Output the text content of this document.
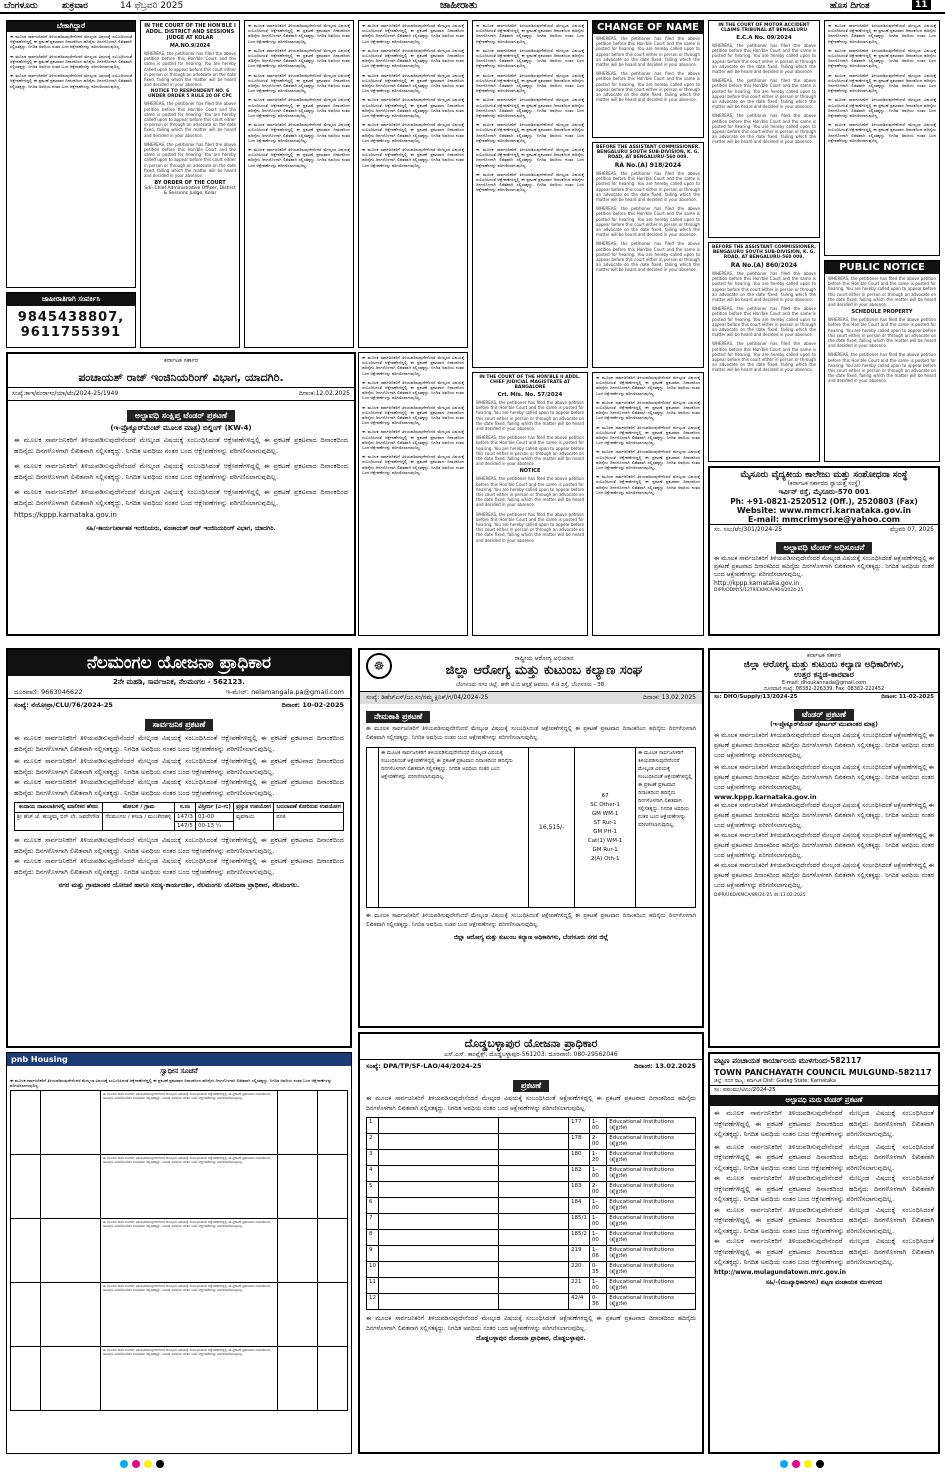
ಬೆಂಗಳೂರು	ಶುಕ್ರವಾರ	14 ಫೆಬ್ರವರಿ 2025	ಜಾಹೀರಾತು	ಹೊಸ ದಿಗಂತ	11
ಬೇಕಾಗಿದ್ದಾರೆ
ಈ ಮೂಲಕ ಸಾರ್ವಜನಿಕರಿಗೆ ತಿಳಿಯಪಡಿಸುವುದೇನೆಂದರೆ ಮೇಲ್ಕಂಡ ವಿಷಯಕ್ಕೆ ಸಂಬಂಧಿಸಿದಂತೆ ಆಕ್ಷೇಪಣೆಗಳಿದ್ದಲ್ಲಿ ಈ ಪ್ರಕಟಣೆ ಪ್ರಕಟವಾದ ದಿನಾಂಕದಿಂದ ಹದಿನೈದು ದಿನಗಳೊಳಗಾಗಿ ಲಿಖಿತವಾಗಿ ಸಲ್ಲಿಸತಕ್ಕದ್ದು. ನಿಗದಿತ ಅವಧಿಯ ನಂತರ ಬಂದ ಆಕ್ಷೇಪಣೆಗಳನ್ನು ಪರಿಗಣಿಸಲಾಗುವುದಿಲ್ಲ.
ಈ ಮೂಲಕ ಸಾರ್ವಜನಿಕರಿಗೆ ತಿಳಿಯಪಡಿಸುವುದೇನೆಂದರೆ ಮೇಲ್ಕಂಡ ವಿಷಯಕ್ಕೆ ಸಂಬಂಧಿಸಿದಂತೆ ಆಕ್ಷೇಪಣೆಗಳಿದ್ದಲ್ಲಿ ಈ ಪ್ರಕಟಣೆ ಪ್ರಕಟವಾದ ದಿನಾಂಕದಿಂದ ಹದಿನೈದು ದಿನಗಳೊಳಗಾಗಿ ಲಿಖಿತವಾಗಿ ಸಲ್ಲಿಸತಕ್ಕದ್ದು. ನಿಗದಿತ ಅವಧಿಯ ನಂತರ ಬಂದ ಆಕ್ಷೇಪಣೆಗಳನ್ನು ಪರಿಗಣಿಸಲಾಗುವುದಿಲ್ಲ.
ಈ ಮೂಲಕ ಸಾರ್ವಜನಿಕರಿಗೆ ತಿಳಿಯಪಡಿಸುವುದೇನೆಂದರೆ ಮೇಲ್ಕಂಡ ವಿಷಯಕ್ಕೆ ಸಂಬಂಧಿಸಿದಂತೆ ಆಕ್ಷೇಪಣೆಗಳಿದ್ದಲ್ಲಿ ಈ ಪ್ರಕಟಣೆ ಪ್ರಕಟವಾದ ದಿನಾಂಕದಿಂದ ಹದಿನೈದು ದಿನಗಳೊಳಗಾಗಿ ಲಿಖಿತವಾಗಿ ಸಲ್ಲಿಸತಕ್ಕದ್ದು. ನಿಗದಿತ ಅವಧಿಯ ನಂತರ ಬಂದ ಆಕ್ಷೇಪಣೆಗಳನ್ನು ಪರಿಗಣಿಸಲಾಗುವುದಿಲ್ಲ.
ಜಾಹೀರಾತಿಗಾಗಿ ಸಂಪರ್ಕಿಸಿ
9845438807,
9611755391
IN THE COURT OF THE HON'BLE I ADDL. DISTRICT AND SESSIONS JUDGE AT KOLAR
MA.NO.9/2024
WHEREAS, the petitioner has filed the above petition before this Hon'ble Court and the same is posted for hearing. You are hereby called upon to appear before this court either in person or through an advocate on the date fixed, failing which the matter will be heard and decided in your absence.
NOTICE TO RESPONDENT NO. 6 UNDER ORDER 5 RULE 20 OF CPC
WHEREAS, the petitioner has filed the above petition before this Hon'ble Court and the same is posted for hearing. You are hereby called upon to appear before this court either in person or through an advocate on the date fixed, failing which the matter will be heard and decided in your absence.
WHEREAS, the petitioner has filed the above petition before this Hon'ble Court and the same is posted for hearing. You are hereby called upon to appear before this court either in person or through an advocate on the date fixed, failing which the matter will be heard and decided in your absence.
BY ORDER OF THE COURT
Sd/- Chief Administrative Officer, District & Sessions Judge, Kolar
ಈ ಮೂಲಕ ಸಾರ್ವಜನಿಕರಿಗೆ ತಿಳಿಯಪಡಿಸುವುದೇನೆಂದರೆ ಮೇಲ್ಕಂಡ ವಿಷಯಕ್ಕೆ ಸಂಬಂಧಿಸಿದಂತೆ ಆಕ್ಷೇಪಣೆಗಳಿದ್ದಲ್ಲಿ ಈ ಪ್ರಕಟಣೆ ಪ್ರಕಟವಾದ ದಿನಾಂಕದಿಂದ ಹದಿನೈದು ದಿನಗಳೊಳಗಾಗಿ ಲಿಖಿತವಾಗಿ ಸಲ್ಲಿಸತಕ್ಕದ್ದು. ನಿಗದಿತ ಅವಧಿಯ ನಂತರ ಬಂದ ಆಕ್ಷೇಪಣೆಗಳನ್ನು ಪರಿಗಣಿಸಲಾಗುವುದಿಲ್ಲ.
ಈ ಮೂಲಕ ಸಾರ್ವಜನಿಕರಿಗೆ ತಿಳಿಯಪಡಿಸುವುದೇನೆಂದರೆ ಮೇಲ್ಕಂಡ ವಿಷಯಕ್ಕೆ ಸಂಬಂಧಿಸಿದಂತೆ ಆಕ್ಷೇಪಣೆಗಳಿದ್ದಲ್ಲಿ ಈ ಪ್ರಕಟಣೆ ಪ್ರಕಟವಾದ ದಿನಾಂಕದಿಂದ ಹದಿನೈದು ದಿನಗಳೊಳಗಾಗಿ ಲಿಖಿತವಾಗಿ ಸಲ್ಲಿಸತಕ್ಕದ್ದು. ನಿಗದಿತ ಅವಧಿಯ ನಂತರ ಬಂದ ಆಕ್ಷೇಪಣೆಗಳನ್ನು ಪರಿಗಣಿಸಲಾಗುವುದಿಲ್ಲ.
ಈ ಮೂಲಕ ಸಾರ್ವಜನಿಕರಿಗೆ ತಿಳಿಯಪಡಿಸುವುದೇನೆಂದರೆ ಮೇಲ್ಕಂಡ ವಿಷಯಕ್ಕೆ ಸಂಬಂಧಿಸಿದಂತೆ ಆಕ್ಷೇಪಣೆಗಳಿದ್ದಲ್ಲಿ ಈ ಪ್ರಕಟಣೆ ಪ್ರಕಟವಾದ ದಿನಾಂಕದಿಂದ ಹದಿನೈದು ದಿನಗಳೊಳಗಾಗಿ ಲಿಖಿತವಾಗಿ ಸಲ್ಲಿಸತಕ್ಕದ್ದು. ನಿಗದಿತ ಅವಧಿಯ ನಂತರ ಬಂದ ಆಕ್ಷೇಪಣೆಗಳನ್ನು ಪರಿಗಣಿಸಲಾಗುವುದಿಲ್ಲ.
ಈ ಮೂಲಕ ಸಾರ್ವಜನಿಕರಿಗೆ ತಿಳಿಯಪಡಿಸುವುದೇನೆಂದರೆ ಮೇಲ್ಕಂಡ ವಿಷಯಕ್ಕೆ ಸಂಬಂಧಿಸಿದಂತೆ ಆಕ್ಷೇಪಣೆಗಳಿದ್ದಲ್ಲಿ ಈ ಪ್ರಕಟಣೆ ಪ್ರಕಟವಾದ ದಿನಾಂಕದಿಂದ ಹದಿನೈದು ದಿನಗಳೊಳಗಾಗಿ ಲಿಖಿತವಾಗಿ ಸಲ್ಲಿಸತಕ್ಕದ್ದು. ನಿಗದಿತ ಅವಧಿಯ ನಂತರ ಬಂದ ಆಕ್ಷೇಪಣೆಗಳನ್ನು ಪರಿಗಣಿಸಲಾಗುವುದಿಲ್ಲ.
ಈ ಮೂಲಕ ಸಾರ್ವಜನಿಕರಿಗೆ ತಿಳಿಯಪಡಿಸುವುದೇನೆಂದರೆ ಮೇಲ್ಕಂಡ ವಿಷಯಕ್ಕೆ ಸಂಬಂಧಿಸಿದಂತೆ ಆಕ್ಷೇಪಣೆಗಳಿದ್ದಲ್ಲಿ ಈ ಪ್ರಕಟಣೆ ಪ್ರಕಟವಾದ ದಿನಾಂಕದಿಂದ ಹದಿನೈದು ದಿನಗಳೊಳಗಾಗಿ ಲಿಖಿತವಾಗಿ ಸಲ್ಲಿಸತಕ್ಕದ್ದು. ನಿಗದಿತ ಅವಧಿಯ ನಂತರ ಬಂದ ಆಕ್ಷೇಪಣೆಗಳನ್ನು ಪರಿಗಣಿಸಲಾಗುವುದಿಲ್ಲ.
ಈ ಮೂಲಕ ಸಾರ್ವಜನಿಕರಿಗೆ ತಿಳಿಯಪಡಿಸುವುದೇನೆಂದರೆ ಮೇಲ್ಕಂಡ ವಿಷಯಕ್ಕೆ ಸಂಬಂಧಿಸಿದಂತೆ ಆಕ್ಷೇಪಣೆಗಳಿದ್ದಲ್ಲಿ ಈ ಪ್ರಕಟಣೆ ಪ್ರಕಟವಾದ ದಿನಾಂಕದಿಂದ ಹದಿನೈದು ದಿನಗಳೊಳಗಾಗಿ ಲಿಖಿತವಾಗಿ ಸಲ್ಲಿಸತಕ್ಕದ್ದು. ನಿಗದಿತ ಅವಧಿಯ ನಂತರ ಬಂದ ಆಕ್ಷೇಪಣೆಗಳನ್ನು ಪರಿಗಣಿಸಲಾಗುವುದಿಲ್ಲ.
ಈ ಮೂಲಕ ಸಾರ್ವಜನಿಕರಿಗೆ ತಿಳಿಯಪಡಿಸುವುದೇನೆಂದರೆ ಮೇಲ್ಕಂಡ ವಿಷಯಕ್ಕೆ ಸಂಬಂಧಿಸಿದಂತೆ ಆಕ್ಷೇಪಣೆಗಳಿದ್ದಲ್ಲಿ ಈ ಪ್ರಕಟಣೆ ಪ್ರಕಟವಾದ ದಿನಾಂಕದಿಂದ ಹದಿನೈದು ದಿನಗಳೊಳಗಾಗಿ ಲಿಖಿತವಾಗಿ ಸಲ್ಲಿಸತಕ್ಕದ್ದು. ನಿಗದಿತ ಅವಧಿಯ ನಂತರ ಬಂದ ಆಕ್ಷೇಪಣೆಗಳನ್ನು ಪರಿಗಣಿಸಲಾಗುವುದಿಲ್ಲ.
ಈ ಮೂಲಕ ಸಾರ್ವಜನಿಕರಿಗೆ ತಿಳಿಯಪಡಿಸುವುದೇನೆಂದರೆ ಮೇಲ್ಕಂಡ ವಿಷಯಕ್ಕೆ ಸಂಬಂಧಿಸಿದಂತೆ ಆಕ್ಷೇಪಣೆಗಳಿದ್ದಲ್ಲಿ ಈ ಪ್ರಕಟಣೆ ಪ್ರಕಟವಾದ ದಿನಾಂಕದಿಂದ ಹದಿನೈದು ದಿನಗಳೊಳಗಾಗಿ ಲಿಖಿತವಾಗಿ ಸಲ್ಲಿಸತಕ್ಕದ್ದು. ನಿಗದಿತ ಅವಧಿಯ ನಂತರ ಬಂದ ಆಕ್ಷೇಪಣೆಗಳನ್ನು ಪರಿಗಣಿಸಲಾಗುವುದಿಲ್ಲ.
ಈ ಮೂಲಕ ಸಾರ್ವಜನಿಕರಿಗೆ ತಿಳಿಯಪಡಿಸುವುದೇನೆಂದರೆ ಮೇಲ್ಕಂಡ ವಿಷಯಕ್ಕೆ ಸಂಬಂಧಿಸಿದಂತೆ ಆಕ್ಷೇಪಣೆಗಳಿದ್ದಲ್ಲಿ ಈ ಪ್ರಕಟಣೆ ಪ್ರಕಟವಾದ ದಿನಾಂಕದಿಂದ ಹದಿನೈದು ದಿನಗಳೊಳಗಾಗಿ ಲಿಖಿತವಾಗಿ ಸಲ್ಲಿಸತಕ್ಕದ್ದು. ನಿಗದಿತ ಅವಧಿಯ ನಂತರ ಬಂದ ಆಕ್ಷೇಪಣೆಗಳನ್ನು ಪರಿಗಣಿಸಲಾಗುವುದಿಲ್ಲ.
ಈ ಮೂಲಕ ಸಾರ್ವಜನಿಕರಿಗೆ ತಿಳಿಯಪಡಿಸುವುದೇನೆಂದರೆ ಮೇಲ್ಕಂಡ ವಿಷಯಕ್ಕೆ ಸಂಬಂಧಿಸಿದಂತೆ ಆಕ್ಷೇಪಣೆಗಳಿದ್ದಲ್ಲಿ ಈ ಪ್ರಕಟಣೆ ಪ್ರಕಟವಾದ ದಿನಾಂಕದಿಂದ ಹದಿನೈದು ದಿನಗಳೊಳಗಾಗಿ ಲಿಖಿತವಾಗಿ ಸಲ್ಲಿಸತಕ್ಕದ್ದು. ನಿಗದಿತ ಅವಧಿಯ ನಂತರ ಬಂದ ಆಕ್ಷೇಪಣೆಗಳನ್ನು ಪರಿಗಣಿಸಲಾಗುವುದಿಲ್ಲ.
ಈ ಮೂಲಕ ಸಾರ್ವಜನಿಕರಿಗೆ ತಿಳಿಯಪಡಿಸುವುದೇನೆಂದರೆ ಮೇಲ್ಕಂಡ ವಿಷಯಕ್ಕೆ ಸಂಬಂಧಿಸಿದಂತೆ ಆಕ್ಷೇಪಣೆಗಳಿದ್ದಲ್ಲಿ ಈ ಪ್ರಕಟಣೆ ಪ್ರಕಟವಾದ ದಿನಾಂಕದಿಂದ ಹದಿನೈದು ದಿನಗಳೊಳಗಾಗಿ ಲಿಖಿತವಾಗಿ ಸಲ್ಲಿಸತಕ್ಕದ್ದು. ನಿಗದಿತ ಅವಧಿಯ ನಂತರ ಬಂದ ಆಕ್ಷೇಪಣೆಗಳನ್ನು ಪರಿಗಣಿಸಲಾಗುವುದಿಲ್ಲ.
ಈ ಮೂಲಕ ಸಾರ್ವಜನಿಕರಿಗೆ ತಿಳಿಯಪಡಿಸುವುದೇನೆಂದರೆ ಮೇಲ್ಕಂಡ ವಿಷಯಕ್ಕೆ ಸಂಬಂಧಿಸಿದಂತೆ ಆಕ್ಷೇಪಣೆಗಳಿದ್ದಲ್ಲಿ ಈ ಪ್ರಕಟಣೆ ಪ್ರಕಟವಾದ ದಿನಾಂಕದಿಂದ ಹದಿನೈದು ದಿನಗಳೊಳಗಾಗಿ ಲಿಖಿತವಾಗಿ ಸಲ್ಲಿಸತಕ್ಕದ್ದು. ನಿಗದಿತ ಅವಧಿಯ ನಂತರ ಬಂದ ಆಕ್ಷೇಪಣೆಗಳನ್ನು ಪರಿಗಣಿಸಲಾಗುವುದಿಲ್ಲ.
ಈ ಮೂಲಕ ಸಾರ್ವಜನಿಕರಿಗೆ ತಿಳಿಯಪಡಿಸುವುದೇನೆಂದರೆ ಮೇಲ್ಕಂಡ ವಿಷಯಕ್ಕೆ ಸಂಬಂಧಿಸಿದಂತೆ ಆಕ್ಷೇಪಣೆಗಳಿದ್ದಲ್ಲಿ ಈ ಪ್ರಕಟಣೆ ಪ್ರಕಟವಾದ ದಿನಾಂಕದಿಂದ ಹದಿನೈದು ದಿನಗಳೊಳಗಾಗಿ ಲಿಖಿತವಾಗಿ ಸಲ್ಲಿಸತಕ್ಕದ್ದು. ನಿಗದಿತ ಅವಧಿಯ ನಂತರ ಬಂದ ಆಕ್ಷೇಪಣೆಗಳನ್ನು ಪರಿಗಣಿಸಲಾಗುವುದಿಲ್ಲ.
ಈ ಮೂಲಕ ಸಾರ್ವಜನಿಕರಿಗೆ ತಿಳಿಯಪಡಿಸುವುದೇನೆಂದರೆ ಮೇಲ್ಕಂಡ ವಿಷಯಕ್ಕೆ ಸಂಬಂಧಿಸಿದಂತೆ ಆಕ್ಷೇಪಣೆಗಳಿದ್ದಲ್ಲಿ ಈ ಪ್ರಕಟಣೆ ಪ್ರಕಟವಾದ ದಿನಾಂಕದಿಂದ ಹದಿನೈದು ದಿನಗಳೊಳಗಾಗಿ ಲಿಖಿತವಾಗಿ ಸಲ್ಲಿಸತಕ್ಕದ್ದು. ನಿಗದಿತ ಅವಧಿಯ ನಂತರ ಬಂದ ಆಕ್ಷೇಪಣೆಗಳನ್ನು ಪರಿಗಣಿಸಲಾಗುವುದಿಲ್ಲ.
ಈ ಮೂಲಕ ಸಾರ್ವಜನಿಕರಿಗೆ ತಿಳಿಯಪಡಿಸುವುದೇನೆಂದರೆ ಮೇಲ್ಕಂಡ ವಿಷಯಕ್ಕೆ ಸಂಬಂಧಿಸಿದಂತೆ ಆಕ್ಷೇಪಣೆಗಳಿದ್ದಲ್ಲಿ ಈ ಪ್ರಕಟಣೆ ಪ್ರಕಟವಾದ ದಿನಾಂಕದಿಂದ ಹದಿನೈದು ದಿನಗಳೊಳಗಾಗಿ ಲಿಖಿತವಾಗಿ ಸಲ್ಲಿಸತಕ್ಕದ್ದು. ನಿಗದಿತ ಅವಧಿಯ ನಂತರ ಬಂದ ಆಕ್ಷೇಪಣೆಗಳನ್ನು ಪರಿಗಣಿಸಲಾಗುವುದಿಲ್ಲ.
ಈ ಮೂಲಕ ಸಾರ್ವಜನಿಕರಿಗೆ ತಿಳಿಯಪಡಿಸುವುದೇನೆಂದರೆ ಮೇಲ್ಕಂಡ ವಿಷಯಕ್ಕೆ ಸಂಬಂಧಿಸಿದಂತೆ ಆಕ್ಷೇಪಣೆಗಳಿದ್ದಲ್ಲಿ ಈ ಪ್ರಕಟಣೆ ಪ್ರಕಟವಾದ ದಿನಾಂಕದಿಂದ ಹದಿನೈದು ದಿನಗಳೊಳಗಾಗಿ ಲಿಖಿತವಾಗಿ ಸಲ್ಲಿಸತಕ್ಕದ್ದು. ನಿಗದಿತ ಅವಧಿಯ ನಂತರ ಬಂದ ಆಕ್ಷೇಪಣೆಗಳನ್ನು ಪರಿಗಣಿಸಲಾಗುವುದಿಲ್ಲ.
ಈ ಮೂಲಕ ಸಾರ್ವಜನಿಕರಿಗೆ ತಿಳಿಯಪಡಿಸುವುದೇನೆಂದರೆ ಮೇಲ್ಕಂಡ ವಿಷಯಕ್ಕೆ ಸಂಬಂಧಿಸಿದಂತೆ ಆಕ್ಷೇಪಣೆಗಳಿದ್ದಲ್ಲಿ ಈ ಪ್ರಕಟಣೆ ಪ್ರಕಟವಾದ ದಿನಾಂಕದಿಂದ ಹದಿನೈದು ದಿನಗಳೊಳಗಾಗಿ ಲಿಖಿತವಾಗಿ ಸಲ್ಲಿಸತಕ್ಕದ್ದು. ನಿಗದಿತ ಅವಧಿಯ ನಂತರ ಬಂದ ಆಕ್ಷೇಪಣೆಗಳನ್ನು ಪರಿಗಣಿಸಲಾಗುವುದಿಲ್ಲ.
ಈ ಮೂಲಕ ಸಾರ್ವಜನಿಕರಿಗೆ ತಿಳಿಯಪಡಿಸುವುದೇನೆಂದರೆ ಮೇಲ್ಕಂಡ ವಿಷಯಕ್ಕೆ ಸಂಬಂಧಿಸಿದಂತೆ ಆಕ್ಷೇಪಣೆಗಳಿದ್ದಲ್ಲಿ ಈ ಪ್ರಕಟಣೆ ಪ್ರಕಟವಾದ ದಿನಾಂಕದಿಂದ ಹದಿನೈದು ದಿನಗಳೊಳಗಾಗಿ ಲಿಖಿತವಾಗಿ ಸಲ್ಲಿಸತಕ್ಕದ್ದು. ನಿಗದಿತ ಅವಧಿಯ ನಂತರ ಬಂದ ಆಕ್ಷೇಪಣೆಗಳನ್ನು ಪರಿಗಣಿಸಲಾಗುವುದಿಲ್ಲ.
ಈ ಮೂಲಕ ಸಾರ್ವಜನಿಕರಿಗೆ ತಿಳಿಯಪಡಿಸುವುದೇನೆಂದರೆ ಮೇಲ್ಕಂಡ ವಿಷಯಕ್ಕೆ ಸಂಬಂಧಿಸಿದಂತೆ ಆಕ್ಷೇಪಣೆಗಳಿದ್ದಲ್ಲಿ ಈ ಪ್ರಕಟಣೆ ಪ್ರಕಟವಾದ ದಿನಾಂಕದಿಂದ ಹದಿನೈದು ದಿನಗಳೊಳಗಾಗಿ ಲಿಖಿತವಾಗಿ ಸಲ್ಲಿಸತಕ್ಕದ್ದು. ನಿಗದಿತ ಅವಧಿಯ ನಂತರ ಬಂದ ಆಕ್ಷೇಪಣೆಗಳನ್ನು ಪರಿಗಣಿಸಲಾಗುವುದಿಲ್ಲ.
CHANGE OF NAME
WHEREAS, the petitioner has filed the above petition before this Hon'ble Court and the same is posted for hearing. You are hereby called upon to appear before this court either in person or through an advocate on the date fixed, failing which the matter will be heard and decided in your absence.
WHEREAS, the petitioner has filed the above petition before this Hon'ble Court and the same is posted for hearing. You are hereby called upon to appear before this court either in person or through an advocate on the date fixed, failing which the matter will be heard and decided in your absence.
BEFORE THE ASSISTANT COMMISSIONER, BENGALURU SOUTH SUB-DIVISION, K. G. ROAD, AT BENGALURU-560 009.
RA No.(A) 918/2024
WHEREAS, the petitioner has filed the above petition before this Hon'ble Court and the same is posted for hearing. You are hereby called upon to appear before this court either in person or through an advocate on the date fixed, failing which the matter will be heard and decided in your absence.
WHEREAS, the petitioner has filed the above petition before this Hon'ble Court and the same is posted for hearing. You are hereby called upon to appear before this court either in person or through an advocate on the date fixed, failing which the matter will be heard and decided in your absence.
WHEREAS, the petitioner has filed the above petition before this Hon'ble Court and the same is posted for hearing. You are hereby called upon to appear before this court either in person or through an advocate on the date fixed, failing which the matter will be heard and decided in your absence.
IN THE COURT OF MOTOR ACCIDENT CLAIMS TRIBUNAL AT BENGALURU
E.C.A No. 09/2024
WHEREAS, the petitioner has filed the above petition before this Hon'ble Court and the same is posted for hearing. You are hereby called upon to appear before this court either in person or through an advocate on the date fixed, failing which the matter will be heard and decided in your absence.
WHEREAS, the petitioner has filed the above petition before this Hon'ble Court and the same is posted for hearing. You are hereby called upon to appear before this court either in person or through an advocate on the date fixed, failing which the matter will be heard and decided in your absence.
WHEREAS, the petitioner has filed the above petition before this Hon'ble Court and the same is posted for hearing. You are hereby called upon to appear before this court either in person or through an advocate on the date fixed, failing which the matter will be heard and decided in your absence.
BEFORE THE ASSISTANT COMMISSIONER, BENGALURU SOUTH SUB-DIVISION, K. G. ROAD, AT BENGALURU-560 009.
RA No.(A) 860/2024
WHEREAS, the petitioner has filed the above petition before this Hon'ble Court and the same is posted for hearing. You are hereby called upon to appear before this court either in person or through an advocate on the date fixed, failing which the matter will be heard and decided in your absence.
WHEREAS, the petitioner has filed the above petition before this Hon'ble Court and the same is posted for hearing. You are hereby called upon to appear before this court either in person or through an advocate on the date fixed, failing which the matter will be heard and decided in your absence.
WHEREAS, the petitioner has filed the above petition before this Hon'ble Court and the same is posted for hearing. You are hereby called upon to appear before this court either in person or through an advocate on the date fixed, failing which the matter will be heard and decided in your absence.
ಈ ಮೂಲಕ ಸಾರ್ವಜನಿಕರಿಗೆ ತಿಳಿಯಪಡಿಸುವುದೇನೆಂದರೆ ಮೇಲ್ಕಂಡ ವಿಷಯಕ್ಕೆ ಸಂಬಂಧಿಸಿದಂತೆ ಆಕ್ಷೇಪಣೆಗಳಿದ್ದಲ್ಲಿ ಈ ಪ್ರಕಟಣೆ ಪ್ರಕಟವಾದ ದಿನಾಂಕದಿಂದ ಹದಿನೈದು ದಿನಗಳೊಳಗಾಗಿ ಲಿಖಿತವಾಗಿ ಸಲ್ಲಿಸತಕ್ಕದ್ದು. ನಿಗದಿತ ಅವಧಿಯ ನಂತರ ಬಂದ ಆಕ್ಷೇಪಣೆಗಳನ್ನು ಪರಿಗಣಿಸಲಾಗುವುದಿಲ್ಲ.
ಈ ಮೂಲಕ ಸಾರ್ವಜನಿಕರಿಗೆ ತಿಳಿಯಪಡಿಸುವುದೇನೆಂದರೆ ಮೇಲ್ಕಂಡ ವಿಷಯಕ್ಕೆ ಸಂಬಂಧಿಸಿದಂತೆ ಆಕ್ಷೇಪಣೆಗಳಿದ್ದಲ್ಲಿ ಈ ಪ್ರಕಟಣೆ ಪ್ರಕಟವಾದ ದಿನಾಂಕದಿಂದ ಹದಿನೈದು ದಿನಗಳೊಳಗಾಗಿ ಲಿಖಿತವಾಗಿ ಸಲ್ಲಿಸತಕ್ಕದ್ದು. ನಿಗದಿತ ಅವಧಿಯ ನಂತರ ಬಂದ ಆಕ್ಷೇಪಣೆಗಳನ್ನು ಪರಿಗಣಿಸಲಾಗುವುದಿಲ್ಲ.
ಈ ಮೂಲಕ ಸಾರ್ವಜನಿಕರಿಗೆ ತಿಳಿಯಪಡಿಸುವುದೇನೆಂದರೆ ಮೇಲ್ಕಂಡ ವಿಷಯಕ್ಕೆ ಸಂಬಂಧಿಸಿದಂತೆ ಆಕ್ಷೇಪಣೆಗಳಿದ್ದಲ್ಲಿ ಈ ಪ್ರಕಟಣೆ ಪ್ರಕಟವಾದ ದಿನಾಂಕದಿಂದ ಹದಿನೈದು ದಿನಗಳೊಳಗಾಗಿ ಲಿಖಿತವಾಗಿ ಸಲ್ಲಿಸತಕ್ಕದ್ದು. ನಿಗದಿತ ಅವಧಿಯ ನಂತರ ಬಂದ ಆಕ್ಷೇಪಣೆಗಳನ್ನು ಪರಿಗಣಿಸಲಾಗುವುದಿಲ್ಲ.
ಈ ಮೂಲಕ ಸಾರ್ವಜನಿಕರಿಗೆ ತಿಳಿಯಪಡಿಸುವುದೇನೆಂದರೆ ಮೇಲ್ಕಂಡ ವಿಷಯಕ್ಕೆ ಸಂಬಂಧಿಸಿದಂತೆ ಆಕ್ಷೇಪಣೆಗಳಿದ್ದಲ್ಲಿ ಈ ಪ್ರಕಟಣೆ ಪ್ರಕಟವಾದ ದಿನಾಂಕದಿಂದ ಹದಿನೈದು ದಿನಗಳೊಳಗಾಗಿ ಲಿಖಿತವಾಗಿ ಸಲ್ಲಿಸತಕ್ಕದ್ದು. ನಿಗದಿತ ಅವಧಿಯ ನಂತರ ಬಂದ ಆಕ್ಷೇಪಣೆಗಳನ್ನು ಪರಿಗಣಿಸಲಾಗುವುದಿಲ್ಲ.
ಈ ಮೂಲಕ ಸಾರ್ವಜನಿಕರಿಗೆ ತಿಳಿಯಪಡಿಸುವುದೇನೆಂದರೆ ಮೇಲ್ಕಂಡ ವಿಷಯಕ್ಕೆ ಸಂಬಂಧಿಸಿದಂತೆ ಆಕ್ಷೇಪಣೆಗಳಿದ್ದಲ್ಲಿ ಈ ಪ್ರಕಟಣೆ ಪ್ರಕಟವಾದ ದಿನಾಂಕದಿಂದ ಹದಿನೈದು ದಿನಗಳೊಳಗಾಗಿ ಲಿಖಿತವಾಗಿ ಸಲ್ಲಿಸತಕ್ಕದ್ದು. ನಿಗದಿತ ಅವಧಿಯ ನಂತರ ಬಂದ ಆಕ್ಷೇಪಣೆಗಳನ್ನು ಪರಿಗಣಿಸಲಾಗುವುದಿಲ್ಲ.
PUBLIC NOTICE
WHEREAS, the petitioner has filed the above petition before this Hon'ble Court and the same is posted for hearing. You are hereby called upon to appear before this court either in person or through an advocate on the date fixed, failing which the matter will be heard and decided in your absence.
SCHEDULE PROPERTY
WHEREAS, the petitioner has filed the above petition before this Hon'ble Court and the same is posted for hearing. You are hereby called upon to appear before this court either in person or through an advocate on the date fixed, failing which the matter will be heard and decided in your absence.
WHEREAS, the petitioner has filed the above petition before this Hon'ble Court and the same is posted for hearing. You are hereby called upon to appear before this court either in person or through an advocate on the date fixed, failing which the matter will be heard and decided in your absence.
ಕರ್ನಾಟಕ ಸರ್ಕಾರ
ಪಂಚಾಯತ್ ರಾಜ್ ಇಂಜಿನಿಯರಿಂಗ್ ವಿಭಾಗ, ಯಾದಗಿರಿ.
ಸಂಖ್ಯೆ:ಕಾಇ/ಪಂರಾಇಂ/ಯಾ/ಟೆಂ/2024-25/1949	ದಿನಾಂಕ:12.02.2025
ಅಲ್ಪಾವಧಿ ಸಂಕ್ಷಿಪ್ತ ಟೆಂಡರ್ ಪ್ರಕಟಣೆ
(ಇ-ಪ್ರೊಕ್ಯೂರ್‌ಮೆಂಟ್ ಮೂಲಕ ಮಾತ್ರ) ಬಿಲ್ಡಿಂಗ್ (KW-4)
ಈ ಮೂಲಕ ಸಾರ್ವಜನಿಕರಿಗೆ ತಿಳಿಯಪಡಿಸುವುದೇನೆಂದರೆ ಮೇಲ್ಕಂಡ ವಿಷಯಕ್ಕೆ ಸಂಬಂಧಿಸಿದಂತೆ ಆಕ್ಷೇಪಣೆಗಳಿದ್ದಲ್ಲಿ ಈ ಪ್ರಕಟಣೆ ಪ್ರಕಟವಾದ ದಿನಾಂಕದಿಂದ ಹದಿನೈದು ದಿನಗಳೊಳಗಾಗಿ ಲಿಖಿತವಾಗಿ ಸಲ್ಲಿಸತಕ್ಕದ್ದು. ನಿಗದಿತ ಅವಧಿಯ ನಂತರ ಬಂದ ಆಕ್ಷೇಪಣೆಗಳನ್ನು ಪರಿಗಣಿಸಲಾಗುವುದಿಲ್ಲ.
ಈ ಮೂಲಕ ಸಾರ್ವಜನಿಕರಿಗೆ ತಿಳಿಯಪಡಿಸುವುದೇನೆಂದರೆ ಮೇಲ್ಕಂಡ ವಿಷಯಕ್ಕೆ ಸಂಬಂಧಿಸಿದಂತೆ ಆಕ್ಷೇಪಣೆಗಳಿದ್ದಲ್ಲಿ ಈ ಪ್ರಕಟಣೆ ಪ್ರಕಟವಾದ ದಿನಾಂಕದಿಂದ ಹದಿನೈದು ದಿನಗಳೊಳಗಾಗಿ ಲಿಖಿತವಾಗಿ ಸಲ್ಲಿಸತಕ್ಕದ್ದು. ನಿಗದಿತ ಅವಧಿಯ ನಂತರ ಬಂದ ಆಕ್ಷೇಪಣೆಗಳನ್ನು ಪರಿಗಣಿಸಲಾಗುವುದಿಲ್ಲ.
ಈ ಮೂಲಕ ಸಾರ್ವಜನಿಕರಿಗೆ ತಿಳಿಯಪಡಿಸುವುದೇನೆಂದರೆ ಮೇಲ್ಕಂಡ ವಿಷಯಕ್ಕೆ ಸಂಬಂಧಿಸಿದಂತೆ ಆಕ್ಷೇಪಣೆಗಳಿದ್ದಲ್ಲಿ ಈ ಪ್ರಕಟಣೆ ಪ್ರಕಟವಾದ ದಿನಾಂಕದಿಂದ ಹದಿನೈದು ದಿನಗಳೊಳಗಾಗಿ ಲಿಖಿತವಾಗಿ ಸಲ್ಲಿಸತಕ್ಕದ್ದು. ನಿಗದಿತ ಅವಧಿಯ ನಂತರ ಬಂದ ಆಕ್ಷೇಪಣೆಗಳನ್ನು ಪರಿಗಣಿಸಲಾಗುವುದಿಲ್ಲ.
https://kppp.karnataka.gov.in
ಸಹಿ/-ಕಾರ್ಯನಿರ್ವಾಹಕ ಇಂಜಿನಿಯರು, ಪಂಚಾಯತ್ ರಾಜ್ ಇಂಜಿನಿಯರಿಂಗ್ ವಿಭಾಗ, ಯಾದಗಿರಿ.
IN THE COURT OF THE HON'BLE II ADDL. CHIEF JUDICIAL MAGISTRATE AT BANGALORE
Crl. Mis. No. 57/2024
WHEREAS, the petitioner has filed the above petition before this Hon'ble Court and the same is posted for hearing. You are hereby called upon to appear before this court either in person or through an advocate on the date fixed, failing which the matter will be heard and decided in your absence.
WHEREAS, the petitioner has filed the above petition before this Hon'ble Court and the same is posted for hearing. You are hereby called upon to appear before this court either in person or through an advocate on the date fixed, failing which the matter will be heard and decided in your absence.
NOTICE
WHEREAS, the petitioner has filed the above petition before this Hon'ble Court and the same is posted for hearing. You are hereby called upon to appear before this court either in person or through an advocate on the date fixed, failing which the matter will be heard and decided in your absence.
WHEREAS, the petitioner has filed the above petition before this Hon'ble Court and the same is posted for hearing. You are hereby called upon to appear before this court either in person or through an advocate on the date fixed, failing which the matter will be heard and decided in your absence.
ಈ ಮೂಲಕ ಸಾರ್ವಜನಿಕರಿಗೆ ತಿಳಿಯಪಡಿಸುವುದೇನೆಂದರೆ ಮೇಲ್ಕಂಡ ವಿಷಯಕ್ಕೆ ಸಂಬಂಧಿಸಿದಂತೆ ಆಕ್ಷೇಪಣೆಗಳಿದ್ದಲ್ಲಿ ಈ ಪ್ರಕಟಣೆ ಪ್ರಕಟವಾದ ದಿನಾಂಕದಿಂದ ಹದಿನೈದು ದಿನಗಳೊಳಗಾಗಿ ಲಿಖಿತವಾಗಿ ಸಲ್ಲಿಸತಕ್ಕದ್ದು. ನಿಗದಿತ ಅವಧಿಯ ನಂತರ ಬಂದ ಆಕ್ಷೇಪಣೆಗಳನ್ನು ಪರಿಗಣಿಸಲಾಗುವುದಿಲ್ಲ.
ಈ ಮೂಲಕ ಸಾರ್ವಜನಿಕರಿಗೆ ತಿಳಿಯಪಡಿಸುವುದೇನೆಂದರೆ ಮೇಲ್ಕಂಡ ವಿಷಯಕ್ಕೆ ಸಂಬಂಧಿಸಿದಂತೆ ಆಕ್ಷೇಪಣೆಗಳಿದ್ದಲ್ಲಿ ಈ ಪ್ರಕಟಣೆ ಪ್ರಕಟವಾದ ದಿನಾಂಕದಿಂದ ಹದಿನೈದು ದಿನಗಳೊಳಗಾಗಿ ಲಿಖಿತವಾಗಿ ಸಲ್ಲಿಸತಕ್ಕದ್ದು. ನಿಗದಿತ ಅವಧಿಯ ನಂತರ ಬಂದ ಆಕ್ಷೇಪಣೆಗಳನ್ನು ಪರಿಗಣಿಸಲಾಗುವುದಿಲ್ಲ.
ಈ ಮೂಲಕ ಸಾರ್ವಜನಿಕರಿಗೆ ತಿಳಿಯಪಡಿಸುವುದೇನೆಂದರೆ ಮೇಲ್ಕಂಡ ವಿಷಯಕ್ಕೆ ಸಂಬಂಧಿಸಿದಂತೆ ಆಕ್ಷೇಪಣೆಗಳಿದ್ದಲ್ಲಿ ಈ ಪ್ರಕಟಣೆ ಪ್ರಕಟವಾದ ದಿನಾಂಕದಿಂದ ಹದಿನೈದು ದಿನಗಳೊಳಗಾಗಿ ಲಿಖಿತವಾಗಿ ಸಲ್ಲಿಸತಕ್ಕದ್ದು. ನಿಗದಿತ ಅವಧಿಯ ನಂತರ ಬಂದ ಆಕ್ಷೇಪಣೆಗಳನ್ನು ಪರಿಗಣಿಸಲಾಗುವುದಿಲ್ಲ.
ಈ ಮೂಲಕ ಸಾರ್ವಜನಿಕರಿಗೆ ತಿಳಿಯಪಡಿಸುವುದೇನೆಂದರೆ ಮೇಲ್ಕಂಡ ವಿಷಯಕ್ಕೆ ಸಂಬಂಧಿಸಿದಂತೆ ಆಕ್ಷೇಪಣೆಗಳಿದ್ದಲ್ಲಿ ಈ ಪ್ರಕಟಣೆ ಪ್ರಕಟವಾದ ದಿನಾಂಕದಿಂದ ಹದಿನೈದು ದಿನಗಳೊಳಗಾಗಿ ಲಿಖಿತವಾಗಿ ಸಲ್ಲಿಸತಕ್ಕದ್ದು. ನಿಗದಿತ ಅವಧಿಯ ನಂತರ ಬಂದ ಆಕ್ಷೇಪಣೆಗಳನ್ನು ಪರಿಗಣಿಸಲಾಗುವುದಿಲ್ಲ.
ಈ ಮೂಲಕ ಸಾರ್ವಜನಿಕರಿಗೆ ತಿಳಿಯಪಡಿಸುವುದೇನೆಂದರೆ ಮೇಲ್ಕಂಡ ವಿಷಯಕ್ಕೆ ಸಂಬಂಧಿಸಿದಂತೆ ಆಕ್ಷೇಪಣೆಗಳಿದ್ದಲ್ಲಿ ಈ ಪ್ರಕಟಣೆ ಪ್ರಕಟವಾದ ದಿನಾಂಕದಿಂದ ಹದಿನೈದು ದಿನಗಳೊಳಗಾಗಿ ಲಿಖಿತವಾಗಿ ಸಲ್ಲಿಸತಕ್ಕದ್ದು. ನಿಗದಿತ ಅವಧಿಯ ನಂತರ ಬಂದ ಆಕ್ಷೇಪಣೆಗಳನ್ನು ಪರಿಗಣಿಸಲಾಗುವುದಿಲ್ಲ.
ಈ ಮೂಲಕ ಸಾರ್ವಜನಿಕರಿಗೆ ತಿಳಿಯಪಡಿಸುವುದೇನೆಂದರೆ ಮೇಲ್ಕಂಡ ವಿಷಯಕ್ಕೆ ಸಂಬಂಧಿಸಿದಂತೆ ಆಕ್ಷೇಪಣೆಗಳಿದ್ದಲ್ಲಿ ಈ ಪ್ರಕಟಣೆ ಪ್ರಕಟವಾದ ದಿನಾಂಕದಿಂದ ಹದಿನೈದು ದಿನಗಳೊಳಗಾಗಿ ಲಿಖಿತವಾಗಿ ಸಲ್ಲಿಸತಕ್ಕದ್ದು. ನಿಗದಿತ ಅವಧಿಯ ನಂತರ ಬಂದ ಆಕ್ಷೇಪಣೆಗಳನ್ನು ಪರಿಗಣಿಸಲಾಗುವುದಿಲ್ಲ.
ಈ ಮೂಲಕ ಸಾರ್ವಜನಿಕರಿಗೆ ತಿಳಿಯಪಡಿಸುವುದೇನೆಂದರೆ ಮೇಲ್ಕಂಡ ವಿಷಯಕ್ಕೆ ಸಂಬಂಧಿಸಿದಂತೆ ಆಕ್ಷೇಪಣೆಗಳಿದ್ದಲ್ಲಿ ಈ ಪ್ರಕಟಣೆ ಪ್ರಕಟವಾದ ದಿನಾಂಕದಿಂದ ಹದಿನೈದು ದಿನಗಳೊಳಗಾಗಿ ಲಿಖಿತವಾಗಿ ಸಲ್ಲಿಸತಕ್ಕದ್ದು. ನಿಗದಿತ ಅವಧಿಯ ನಂತರ ಬಂದ ಆಕ್ಷೇಪಣೆಗಳನ್ನು ಪರಿಗಣಿಸಲಾಗುವುದಿಲ್ಲ.
ಈ ಮೂಲಕ ಸಾರ್ವಜನಿಕರಿಗೆ ತಿಳಿಯಪಡಿಸುವುದೇನೆಂದರೆ ಮೇಲ್ಕಂಡ ವಿಷಯಕ್ಕೆ ಸಂಬಂಧಿಸಿದಂತೆ ಆಕ್ಷೇಪಣೆಗಳಿದ್ದಲ್ಲಿ ಈ ಪ್ರಕಟಣೆ ಪ್ರಕಟವಾದ ದಿನಾಂಕದಿಂದ ಹದಿನೈದು ದಿನಗಳೊಳಗಾಗಿ ಲಿಖಿತವಾಗಿ ಸಲ್ಲಿಸತಕ್ಕದ್ದು. ನಿಗದಿತ ಅವಧಿಯ ನಂತರ ಬಂದ ಆಕ್ಷೇಪಣೆಗಳನ್ನು ಪರಿಗಣಿಸಲಾಗುವುದಿಲ್ಲ.
ಈ ಮೂಲಕ ಸಾರ್ವಜನಿಕರಿಗೆ ತಿಳಿಯಪಡಿಸುವುದೇನೆಂದರೆ ಮೇಲ್ಕಂಡ ವಿಷಯಕ್ಕೆ ಸಂಬಂಧಿಸಿದಂತೆ ಆಕ್ಷೇಪಣೆಗಳಿದ್ದಲ್ಲಿ ಈ ಪ್ರಕಟಣೆ ಪ್ರಕಟವಾದ ದಿನಾಂಕದಿಂದ ಹದಿನೈದು ದಿನಗಳೊಳಗಾಗಿ ಲಿಖಿತವಾಗಿ ಸಲ್ಲಿಸತಕ್ಕದ್ದು. ನಿಗದಿತ ಅವಧಿಯ ನಂತರ ಬಂದ ಆಕ್ಷೇಪಣೆಗಳನ್ನು ಪರಿಗಣಿಸಲಾಗುವುದಿಲ್ಲ.
ಈ ಮೂಲಕ ಸಾರ್ವಜನಿಕರಿಗೆ ತಿಳಿಯಪಡಿಸುವುದೇನೆಂದರೆ ಮೇಲ್ಕಂಡ ವಿಷಯಕ್ಕೆ ಸಂಬಂಧಿಸಿದಂತೆ ಆಕ್ಷೇಪಣೆಗಳಿದ್ದಲ್ಲಿ ಈ ಪ್ರಕಟಣೆ ಪ್ರಕಟವಾದ ದಿನಾಂಕದಿಂದ ಹದಿನೈದು ದಿನಗಳೊಳಗಾಗಿ ಲಿಖಿತವಾಗಿ ಸಲ್ಲಿಸತಕ್ಕದ್ದು. ನಿಗದಿತ ಅವಧಿಯ ನಂತರ ಬಂದ ಆಕ್ಷೇಪಣೆಗಳನ್ನು ಪರಿಗಣಿಸಲಾಗುವುದಿಲ್ಲ.
ಮೈಸೂರು ವೈದ್ಯಕೀಯ ಕಾಲೇಜು ಮತ್ತು ಸಂಶೋಧನಾ ಸಂಸ್ಥೆ
(ಕರ್ನಾಟಕ ಸರ್ಕಾರದ ಸ್ವಾಯತ್ತ ಸಂಸ್ಥೆ)
ಇರ್ವಿನ್ ರಸ್ತೆ, ಮೈಸೂರು-570 001
Ph: +91-0821-2520512 (Off.), 2520803 (Fax)
Website: www.mmcri.karnataka.gov.in
E-mail: mmcrimysore@yahoo.com
ಸಂ. ಸಲು/ಟೆಂ/301/2024-25	ಫೆಬ್ರವರಿ 07, 2025
ಅಲ್ಪಾವಧಿ ಟೆಂಡರ್ ಅಧಿಸೂಚನೆ
ಈ ಮೂಲಕ ಸಾರ್ವಜನಿಕರಿಗೆ ತಿಳಿಯಪಡಿಸುವುದೇನೆಂದರೆ ಮೇಲ್ಕಂಡ ವಿಷಯಕ್ಕೆ ಸಂಬಂಧಿಸಿದಂತೆ ಆಕ್ಷೇಪಣೆಗಳಿದ್ದಲ್ಲಿ ಈ ಪ್ರಕಟಣೆ ಪ್ರಕಟವಾದ ದಿನಾಂಕದಿಂದ ಹದಿನೈದು ದಿನಗಳೊಳಗಾಗಿ ಲಿಖಿತವಾಗಿ ಸಲ್ಲಿಸತಕ್ಕದ್ದು. ನಿಗದಿತ ಅವಧಿಯ ನಂತರ ಬಂದ ಆಕ್ಷೇಪಣೆಗಳನ್ನು ಪರಿಗಣಿಸಲಾಗುವುದಿಲ್ಲ.
http://kppp.karnataka.gov.in
DIPR/DDMYS/1279/EKMCA/904/2024-25
ನೆಲಮಂಗಲ ಯೋಜನಾ ಪ್ರಾಧಿಕಾರ
2ನೇ ಮಹಡಿ, ಸಾರ್ವಜನಿಕ, ನೆಲಮಂಗಲ - 562123.
ದೂರವಾಣಿ: 9663046622	ಇ-ಮೇಲ್: nelamangala.pa@gmail.com
ಸಂಖ್ಯೆ: ನೆಯೋಪ್ರಾ/CLU/76/2024-25	ದಿನಾಂಕ: 10-02-2025
ಸಾರ್ವಜನಿಕ ಪ್ರಕಟಣೆ
ಈ ಮೂಲಕ ಸಾರ್ವಜನಿಕರಿಗೆ ತಿಳಿಯಪಡಿಸುವುದೇನೆಂದರೆ ಮೇಲ್ಕಂಡ ವಿಷಯಕ್ಕೆ ಸಂಬಂಧಿಸಿದಂತೆ ಆಕ್ಷೇಪಣೆಗಳಿದ್ದಲ್ಲಿ ಈ ಪ್ರಕಟಣೆ ಪ್ರಕಟವಾದ ದಿನಾಂಕದಿಂದ ಹದಿನೈದು ದಿನಗಳೊಳಗಾಗಿ ಲಿಖಿತವಾಗಿ ಸಲ್ಲಿಸತಕ್ಕದ್ದು. ನಿಗದಿತ ಅವಧಿಯ ನಂತರ ಬಂದ ಆಕ್ಷೇಪಣೆಗಳನ್ನು ಪರಿಗಣಿಸಲಾಗುವುದಿಲ್ಲ.
ಈ ಮೂಲಕ ಸಾರ್ವಜನಿಕರಿಗೆ ತಿಳಿಯಪಡಿಸುವುದೇನೆಂದರೆ ಮೇಲ್ಕಂಡ ವಿಷಯಕ್ಕೆ ಸಂಬಂಧಿಸಿದಂತೆ ಆಕ್ಷೇಪಣೆಗಳಿದ್ದಲ್ಲಿ ಈ ಪ್ರಕಟಣೆ ಪ್ರಕಟವಾದ ದಿನಾಂಕದಿಂದ ಹದಿನೈದು ದಿನಗಳೊಳಗಾಗಿ ಲಿಖಿತವಾಗಿ ಸಲ್ಲಿಸತಕ್ಕದ್ದು. ನಿಗದಿತ ಅವಧಿಯ ನಂತರ ಬಂದ ಆಕ್ಷೇಪಣೆಗಳನ್ನು ಪರಿಗಣಿಸಲಾಗುವುದಿಲ್ಲ.
ಈ ಮೂಲಕ ಸಾರ್ವಜನಿಕರಿಗೆ ತಿಳಿಯಪಡಿಸುವುದೇನೆಂದರೆ ಮೇಲ್ಕಂಡ ವಿಷಯಕ್ಕೆ ಸಂಬಂಧಿಸಿದಂತೆ ಆಕ್ಷೇಪಣೆಗಳಿದ್ದಲ್ಲಿ ಈ ಪ್ರಕಟಣೆ ಪ್ರಕಟವಾದ ದಿನಾಂಕದಿಂದ ಹದಿನೈದು ದಿನಗಳೊಳಗಾಗಿ ಲಿಖಿತವಾಗಿ ಸಲ್ಲಿಸತಕ್ಕದ್ದು. ನಿಗದಿತ ಅವಧಿಯ ನಂತರ ಬಂದ ಆಕ್ಷೇಪಣೆಗಳನ್ನು ಪರಿಗಣಿಸಲಾಗುವುದಿಲ್ಲ.
ಕಂದಾಯ ದಾಖಲಾತಿಗಳಲ್ಲಿ ಮಾಲೀಕರ ಹೆಸರು	ಹೋಬಳಿ / ಗ್ರಾಮ	ಸ.ನಂ	ವಿಸ್ತೀರ್ಣ (ಎ-ಗು)	ಪ್ರಸ್ತುತ ಉಪಯೋಗ	ಬದಲಾವಣೆ ಕೋರಿರುವ ಉಪಯೋಗ
ಶ್ರೀ ಹೆಚ್.ಜೆ. ಹುಚ್ಚಮ್ಮ ಬಿನ್ ಲೇ. ಜವರೇಗೌಡ	ನೆಲಮಂಗಲ / ಕಸಬಾ / ಮಂಚೇನಹಳ್ಳಿ	147/3	01-00	ವ್ಯವಸಾಯ	ವಸತಿ
		147/5	00-13 ¼		
ಈ ಮೂಲಕ ಸಾರ್ವಜನಿಕರಿಗೆ ತಿಳಿಯಪಡಿಸುವುದೇನೆಂದರೆ ಮೇಲ್ಕಂಡ ವಿಷಯಕ್ಕೆ ಸಂಬಂಧಿಸಿದಂತೆ ಆಕ್ಷೇಪಣೆಗಳಿದ್ದಲ್ಲಿ ಈ ಪ್ರಕಟಣೆ ಪ್ರಕಟವಾದ ದಿನಾಂಕದಿಂದ ಹದಿನೈದು ದಿನಗಳೊಳಗಾಗಿ ಲಿಖಿತವಾಗಿ ಸಲ್ಲಿಸತಕ್ಕದ್ದು. ನಿಗದಿತ ಅವಧಿಯ ನಂತರ ಬಂದ ಆಕ್ಷೇಪಣೆಗಳನ್ನು ಪರಿಗಣಿಸಲಾಗುವುದಿಲ್ಲ.
ಈ ಮೂಲಕ ಸಾರ್ವಜನಿಕರಿಗೆ ತಿಳಿಯಪಡಿಸುವುದೇನೆಂದರೆ ಮೇಲ್ಕಂಡ ವಿಷಯಕ್ಕೆ ಸಂಬಂಧಿಸಿದಂತೆ ಆಕ್ಷೇಪಣೆಗಳಿದ್ದಲ್ಲಿ ಈ ಪ್ರಕಟಣೆ ಪ್ರಕಟವಾದ ದಿನಾಂಕದಿಂದ ಹದಿನೈದು ದಿನಗಳೊಳಗಾಗಿ ಲಿಖಿತವಾಗಿ ಸಲ್ಲಿಸತಕ್ಕದ್ದು. ನಿಗದಿತ ಅವಧಿಯ ನಂತರ ಬಂದ ಆಕ್ಷೇಪಣೆಗಳನ್ನು ಪರಿಗಣಿಸಲಾಗುವುದಿಲ್ಲ.
ನಗರ ಮತ್ತು ಗ್ರಾಮಾಂತರ ಯೋಜನೆ ಹಾಗೂ ಸದಸ್ಯ-ಕಾರ್ಯದರ್ಶಿ, ನೆಲಮಂಗಲ ಯೋಜನಾ ಪ್ರಾಧಿಕಾರ, ನೆಲಮಂಗಲ.
☸
ರಾಷ್ಟ್ರೀಯ ಆರೋಗ್ಯ ಅಭಿಯಾನ
ಜಿಲ್ಲಾ ಆರೋಗ್ಯ ಮತ್ತು ಕುಟುಂಬ ಕಲ್ಯಾಣ ಸಂಘ
ಬೆಂಗಳೂರು ನಗರ ಜಿಲ್ಲೆ, ಹಳೇ ಟಿ.ಬಿ ಆಸ್ಪತ್ರೆ ಆವರಣ, ಕೆ.ಜಿ ರಸ್ತೆ, ಬೆಂಗಳೂರು - 38.
ಸಂಖ್ಯೆ: ಡಿಹೆಚ್‌ಎಸ್/ಜಂ.ಸಂ/ನಮ್ಮ ಕ್ಲಿನಿಕ್/ಗ/04/2024-25	ದಿನಾಂಕ: 13.02.2025
ನೇಮಕಾತಿ ಪ್ರಕಟಣೆ
ಈ ಮೂಲಕ ಸಾರ್ವಜನಿಕರಿಗೆ ತಿಳಿಯಪಡಿಸುವುದೇನೆಂದರೆ ಮೇಲ್ಕಂಡ ವಿಷಯಕ್ಕೆ ಸಂಬಂಧಿಸಿದಂತೆ ಆಕ್ಷೇಪಣೆಗಳಿದ್ದಲ್ಲಿ ಈ ಪ್ರಕಟಣೆ ಪ್ರಕಟವಾದ ದಿನಾಂಕದಿಂದ ಹದಿನೈದು ದಿನಗಳೊಳಗಾಗಿ ಲಿಖಿತವಾಗಿ ಸಲ್ಲಿಸತಕ್ಕದ್ದು. ನಿಗದಿತ ಅವಧಿಯ ನಂತರ ಬಂದ ಆಕ್ಷೇಪಣೆಗಳನ್ನು ಪರಿಗಣಿಸಲಾಗುವುದಿಲ್ಲ.

ಈ ಮೂಲಕ ಸಾರ್ವಜನಿಕರಿಗೆ ತಿಳಿಯಪಡಿಸುವುದೇನೆಂದರೆ ಮೇಲ್ಕಂಡ ವಿಷಯಕ್ಕೆ ಸಂಬಂಧಿಸಿದಂತೆ ಆಕ್ಷೇಪಣೆಗಳಿದ್ದಲ್ಲಿ ಈ ಪ್ರಕಟಣೆ ಪ್ರಕಟವಾದ ದಿನಾಂಕದಿಂದ ಹದಿನೈದು ದಿನಗಳೊಳಗಾಗಿ ಲಿಖಿತವಾಗಿ ಸಲ್ಲಿಸತಕ್ಕದ್ದು. ನಿಗದಿತ ಅವಧಿಯ ನಂತರ ಬಂದ ಆಕ್ಷೇಪಣೆಗಳನ್ನು ಪರಿಗಣಿಸಲಾಗುವುದಿಲ್ಲ.
	16,515/-	
67
SC Other-1
GM WM-1
ST Rur-1
GM PH-1
Cat(1) WM-1
GM Rur-1
2(A) Oth-1

ಈ ಮೂಲಕ ಸಾರ್ವಜನಿಕರಿಗೆ ತಿಳಿಯಪಡಿಸುವುದೇನೆಂದರೆ ಮೇಲ್ಕಂಡ ವಿಷಯಕ್ಕೆ ಸಂಬಂಧಿಸಿದಂತೆ ಆಕ್ಷೇಪಣೆಗಳಿದ್ದಲ್ಲಿ ಈ ಪ್ರಕಟಣೆ ಪ್ರಕಟವಾದ ದಿನಾಂಕದಿಂದ ಹದಿನೈದು ದಿನಗಳೊಳಗಾಗಿ ಲಿಖಿತವಾಗಿ ಸಲ್ಲಿಸತಕ್ಕದ್ದು. ನಿಗದಿತ ಅವಧಿಯ ನಂತರ ಬಂದ ಆಕ್ಷೇಪಣೆಗಳನ್ನು ಪರಿಗಣಿಸಲಾಗುವುದಿಲ್ಲ.
ಈ ಮೂಲಕ ಸಾರ್ವಜನಿಕರಿಗೆ ತಿಳಿಯಪಡಿಸುವುದೇನೆಂದರೆ ಮೇಲ್ಕಂಡ ವಿಷಯಕ್ಕೆ ಸಂಬಂಧಿಸಿದಂತೆ ಆಕ್ಷೇಪಣೆಗಳಿದ್ದಲ್ಲಿ ಈ ಪ್ರಕಟಣೆ ಪ್ರಕಟವಾದ ದಿನಾಂಕದಿಂದ ಹದಿನೈದು ದಿನಗಳೊಳಗಾಗಿ ಲಿಖಿತವಾಗಿ ಸಲ್ಲಿಸತಕ್ಕದ್ದು. ನಿಗದಿತ ಅವಧಿಯ ನಂತರ ಬಂದ ಆಕ್ಷೇಪಣೆಗಳನ್ನು ಪರಿಗಣಿಸಲಾಗುವುದಿಲ್ಲ.
ಜಿಲ್ಲಾ ಆರೋಗ್ಯ ಮತ್ತು ಕುಟುಂಬ ಕಲ್ಯಾಣ ಅಧಿಕಾರಿಗಳು, ಬೆಂಗಳೂರು ನಗರ ಜಿಲ್ಲೆ
ಕರ್ನಾಟಕ ಸರ್ಕಾರ
ಜಿಲ್ಲಾ ಆರೋಗ್ಯ ಮತ್ತು ಕುಟುಂಬ ಕಲ್ಯಾಣ ಅಧಿಕಾರಿಗಳು,
ಉತ್ತರ ಕನ್ನಡ-ಕಾರವಾರ
E-mail: dhoukannada@gmail.com
ದೂರವಾಣಿ ಸಂಖ್ಯೆ: 08382-226339, Fax: 08382-222452
ಸಂ: DHO/Supply/13/2024-25	ದಿನಾಂಕ: 11-02-2025
ಟೆಂಡರ್ ಪ್ರಕಟಣೆ
(ಇ-ಪ್ರೊಕ್ಯೂರ್‌ಮೆಂಟ್ ಪೋರ್ಟಲ್ ಮುಖಾಂತರ ಮಾತ್ರ)
ಈ ಮೂಲಕ ಸಾರ್ವಜನಿಕರಿಗೆ ತಿಳಿಯಪಡಿಸುವುದೇನೆಂದರೆ ಮೇಲ್ಕಂಡ ವಿಷಯಕ್ಕೆ ಸಂಬಂಧಿಸಿದಂತೆ ಆಕ್ಷೇಪಣೆಗಳಿದ್ದಲ್ಲಿ ಈ ಪ್ರಕಟಣೆ ಪ್ರಕಟವಾದ ದಿನಾಂಕದಿಂದ ಹದಿನೈದು ದಿನಗಳೊಳಗಾಗಿ ಲಿಖಿತವಾಗಿ ಸಲ್ಲಿಸತಕ್ಕದ್ದು. ನಿಗದಿತ ಅವಧಿಯ ನಂತರ ಬಂದ ಆಕ್ಷೇಪಣೆಗಳನ್ನು ಪರಿಗಣಿಸಲಾಗುವುದಿಲ್ಲ.
ಈ ಮೂಲಕ ಸಾರ್ವಜನಿಕರಿಗೆ ತಿಳಿಯಪಡಿಸುವುದೇನೆಂದರೆ ಮೇಲ್ಕಂಡ ವಿಷಯಕ್ಕೆ ಸಂಬಂಧಿಸಿದಂತೆ ಆಕ್ಷೇಪಣೆಗಳಿದ್ದಲ್ಲಿ ಈ ಪ್ರಕಟಣೆ ಪ್ರಕಟವಾದ ದಿನಾಂಕದಿಂದ ಹದಿನೈದು ದಿನಗಳೊಳಗಾಗಿ ಲಿಖಿತವಾಗಿ ಸಲ್ಲಿಸತಕ್ಕದ್ದು. ನಿಗದಿತ ಅವಧಿಯ ನಂತರ ಬಂದ ಆಕ್ಷೇಪಣೆಗಳನ್ನು ಪರಿಗಣಿಸಲಾಗುವುದಿಲ್ಲ.
www.kppp.karnataka.gov.in
ಈ ಮೂಲಕ ಸಾರ್ವಜನಿಕರಿಗೆ ತಿಳಿಯಪಡಿಸುವುದೇನೆಂದರೆ ಮೇಲ್ಕಂಡ ವಿಷಯಕ್ಕೆ ಸಂಬಂಧಿಸಿದಂತೆ ಆಕ್ಷೇಪಣೆಗಳಿದ್ದಲ್ಲಿ ಈ ಪ್ರಕಟಣೆ ಪ್ರಕಟವಾದ ದಿನಾಂಕದಿಂದ ಹದಿನೈದು ದಿನಗಳೊಳಗಾಗಿ ಲಿಖಿತವಾಗಿ ಸಲ್ಲಿಸತಕ್ಕದ್ದು. ನಿಗದಿತ ಅವಧಿಯ ನಂತರ ಬಂದ ಆಕ್ಷೇಪಣೆಗಳನ್ನು ಪರಿಗಣಿಸಲಾಗುವುದಿಲ್ಲ.
ಈ ಮೂಲಕ ಸಾರ್ವಜನಿಕರಿಗೆ ತಿಳಿಯಪಡಿಸುವುದೇನೆಂದರೆ ಮೇಲ್ಕಂಡ ವಿಷಯಕ್ಕೆ ಸಂಬಂಧಿಸಿದಂತೆ ಆಕ್ಷೇಪಣೆಗಳಿದ್ದಲ್ಲಿ ಈ ಪ್ರಕಟಣೆ ಪ್ರಕಟವಾದ ದಿನಾಂಕದಿಂದ ಹದಿನೈದು ದಿನಗಳೊಳಗಾಗಿ ಲಿಖಿತವಾಗಿ ಸಲ್ಲಿಸತಕ್ಕದ್ದು. ನಿಗದಿತ ಅವಧಿಯ ನಂತರ ಬಂದ ಆಕ್ಷೇಪಣೆಗಳನ್ನು ಪರಿಗಣಿಸಲಾಗುವುದಿಲ್ಲ.
ಈ ಮೂಲಕ ಸಾರ್ವಜನಿಕರಿಗೆ ತಿಳಿಯಪಡಿಸುವುದೇನೆಂದರೆ ಮೇಲ್ಕಂಡ ವಿಷಯಕ್ಕೆ ಸಂಬಂಧಿಸಿದಂತೆ ಆಕ್ಷೇಪಣೆಗಳಿದ್ದಲ್ಲಿ ಈ ಪ್ರಕಟಣೆ ಪ್ರಕಟವಾದ ದಿನಾಂಕದಿಂದ ಹದಿನೈದು ದಿನಗಳೊಳಗಾಗಿ ಲಿಖಿತವಾಗಿ ಸಲ್ಲಿಸತಕ್ಕದ್ದು. ನಿಗದಿತ ಅವಧಿಯ ನಂತರ ಬಂದ ಆಕ್ಷೇಪಣೆಗಳನ್ನು ಪರಿಗಣಿಸಲಾಗುವುದಿಲ್ಲ.
DIPR/UKD/KMCA/89/24-25 dt:13.02.2025
pnb Housing
ಸ್ವಾಧೀನ ಸೂಚನೆ
ಈ ಮೂಲಕ ಸಾರ್ವಜನಿಕರಿಗೆ ತಿಳಿಯಪಡಿಸುವುದೇನೆಂದರೆ ಮೇಲ್ಕಂಡ ವಿಷಯಕ್ಕೆ ಸಂಬಂಧಿಸಿದಂತೆ ಆಕ್ಷೇಪಣೆಗಳಿದ್ದಲ್ಲಿ ಈ ಪ್ರಕಟಣೆ ಪ್ರಕಟವಾದ ದಿನಾಂಕದಿಂದ ಹದಿನೈದು ದಿನಗಳೊಳಗಾಗಿ ಲಿಖಿತವಾಗಿ ಸಲ್ಲಿಸತಕ್ಕದ್ದು. ನಿಗದಿತ ಅವಧಿಯ ನಂತರ ಬಂದ ಆಕ್ಷೇಪಣೆಗಳನ್ನು ಪರಿಗಣಿಸಲಾಗುವುದಿಲ್ಲ.

		ಈ ಮೂಲಕ ಸಾರ್ವಜನಿಕರಿಗೆ ತಿಳಿಯಪಡಿಸುವುದೇನೆಂದರೆ ಮೇಲ್ಕಂಡ ವಿಷಯಕ್ಕೆ ಸಂಬಂಧಿಸಿದಂತೆ ಆಕ್ಷೇಪಣೆಗಳಿದ್ದಲ್ಲಿ ಈ ಪ್ರಕಟಣೆ ಪ್ರಕಟವಾದ ದಿನಾಂಕದಿಂದ ಹದಿನೈದು ದಿನಗಳೊಳಗಾಗಿ ಲಿಖಿತವಾಗಿ ಸಲ್ಲಿಸತಕ್ಕದ್ದು. ನಿಗದಿತ ಅವಧಿಯ ನಂತರ ಬಂದ ಆಕ್ಷೇಪಣೆಗಳನ್ನು ಪರಿಗಣಿಸಲಾಗುವುದಿಲ್ಲ.		

		ಈ ಮೂಲಕ ಸಾರ್ವಜನಿಕರಿಗೆ ತಿಳಿಯಪಡಿಸುವುದೇನೆಂದರೆ ಮೇಲ್ಕಂಡ ವಿಷಯಕ್ಕೆ ಸಂಬಂಧಿಸಿದಂತೆ ಆಕ್ಷೇಪಣೆಗಳಿದ್ದಲ್ಲಿ ಈ ಪ್ರಕಟಣೆ ಪ್ರಕಟವಾದ ದಿನಾಂಕದಿಂದ ಹದಿನೈದು ದಿನಗಳೊಳಗಾಗಿ ಲಿಖಿತವಾಗಿ ಸಲ್ಲಿಸತಕ್ಕದ್ದು. ನಿಗದಿತ ಅವಧಿಯ ನಂತರ ಬಂದ ಆಕ್ಷೇಪಣೆಗಳನ್ನು ಪರಿಗಣಿಸಲಾಗುವುದಿಲ್ಲ.		

		ಈ ಮೂಲಕ ಸಾರ್ವಜನಿಕರಿಗೆ ತಿಳಿಯಪಡಿಸುವುದೇನೆಂದರೆ ಮೇಲ್ಕಂಡ ವಿಷಯಕ್ಕೆ ಸಂಬಂಧಿಸಿದಂತೆ ಆಕ್ಷೇಪಣೆಗಳಿದ್ದಲ್ಲಿ ಈ ಪ್ರಕಟಣೆ ಪ್ರಕಟವಾದ ದಿನಾಂಕದಿಂದ ಹದಿನೈದು ದಿನಗಳೊಳಗಾಗಿ ಲಿಖಿತವಾಗಿ ಸಲ್ಲಿಸತಕ್ಕದ್ದು. ನಿಗದಿತ ಅವಧಿಯ ನಂತರ ಬಂದ ಆಕ್ಷೇಪಣೆಗಳನ್ನು ಪರಿಗಣಿಸಲಾಗುವುದಿಲ್ಲ.		

		ಈ ಮೂಲಕ ಸಾರ್ವಜನಿಕರಿಗೆ ತಿಳಿಯಪಡಿಸುವುದೇನೆಂದರೆ ಮೇಲ್ಕಂಡ ವಿಷಯಕ್ಕೆ ಸಂಬಂಧಿಸಿದಂತೆ ಆಕ್ಷೇಪಣೆಗಳಿದ್ದಲ್ಲಿ ಈ ಪ್ರಕಟಣೆ ಪ್ರಕಟವಾದ ದಿನಾಂಕದಿಂದ ಹದಿನೈದು ದಿನಗಳೊಳಗಾಗಿ ಲಿಖಿತವಾಗಿ ಸಲ್ಲಿಸತಕ್ಕದ್ದು. ನಿಗದಿತ ಅವಧಿಯ ನಂತರ ಬಂದ ಆಕ್ಷೇಪಣೆಗಳನ್ನು ಪರಿಗಣಿಸಲಾಗುವುದಿಲ್ಲ.		

		ಈ ಮೂಲಕ ಸಾರ್ವಜನಿಕರಿಗೆ ತಿಳಿಯಪಡಿಸುವುದೇನೆಂದರೆ ಮೇಲ್ಕಂಡ ವಿಷಯಕ್ಕೆ ಸಂಬಂಧಿಸಿದಂತೆ ಆಕ್ಷೇಪಣೆಗಳಿದ್ದಲ್ಲಿ ಈ ಪ್ರಕಟಣೆ ಪ್ರಕಟವಾದ ದಿನಾಂಕದಿಂದ ಹದಿನೈದು ದಿನಗಳೊಳಗಾಗಿ ಲಿಖಿತವಾಗಿ ಸಲ್ಲಿಸತಕ್ಕದ್ದು. ನಿಗದಿತ ಅವಧಿಯ ನಂತರ ಬಂದ ಆಕ್ಷೇಪಣೆಗಳನ್ನು ಪರಿಗಣಿಸಲಾಗುವುದಿಲ್ಲ.		

ದೊಡ್ಡಬಳ್ಳಾಪುರ ಯೋಜನಾ ಪ್ರಾಧಿಕಾರ
ಎಸ್.ಎಸ್. ಕಾಂಪ್ಲೆಕ್ಸ್, ದೊಡ್ಡಬಳ್ಳಾಪುರ-561203. ದೂರವಾಣಿ: 080-29562046
ಸಂಖ್ಯೆ: DPA/TP/SF-LAO/44/2024-25	ದಿನಾಂಕ: 13.02.2025
ಪ್ರಕಟಣೆ
ಈ ಮೂಲಕ ಸಾರ್ವಜನಿಕರಿಗೆ ತಿಳಿಯಪಡಿಸುವುದೇನೆಂದರೆ ಮೇಲ್ಕಂಡ ವಿಷಯಕ್ಕೆ ಸಂಬಂಧಿಸಿದಂತೆ ಆಕ್ಷೇಪಣೆಗಳಿದ್ದಲ್ಲಿ ಈ ಪ್ರಕಟಣೆ ಪ್ರಕಟವಾದ ದಿನಾಂಕದಿಂದ ಹದಿನೈದು ದಿನಗಳೊಳಗಾಗಿ ಲಿಖಿತವಾಗಿ ಸಲ್ಲಿಸತಕ್ಕದ್ದು. ನಿಗದಿತ ಅವಧಿಯ ನಂತರ ಬಂದ ಆಕ್ಷೇಪಣೆಗಳನ್ನು ಪರಿಗಣಿಸಲಾಗುವುದಿಲ್ಲ.
1			177	1-00	Educational Institutions (ಶೈಕ್ಷಣಿಕ)
2			178	2-00	Educational Institutions (ಶೈಕ್ಷಣಿಕ)
3			180	1-20	Educational Institutions (ಶೈಕ್ಷಣಿಕ)
4			182	1-00	Educational Institutions (ಶೈಕ್ಷಣಿಕ)
5			183	2-00	Educational Institutions (ಶೈಕ್ಷಣಿಕ)
6			184	1-00	Educational Institutions (ಶೈಕ್ಷಣಿಕ)
7			185/1	1-00	Educational Institutions (ಶೈಕ್ಷಣಿಕ)
8			185/2	1-00	Educational Institutions (ಶೈಕ್ಷಣಿಕ)
9			219	1-06	Educational Institutions (ಶೈಕ್ಷಣಿಕ)
10			220	0-35	Educational Institutions (ಶೈಕ್ಷಣಿಕ)
11			221	1-00	Educational Institutions (ಶೈಕ್ಷಣಿಕ)
12			42/4	0-36	Educational Institutions (ಶೈಕ್ಷಣಿಕ)
ಈ ಮೂಲಕ ಸಾರ್ವಜನಿಕರಿಗೆ ತಿಳಿಯಪಡಿಸುವುದೇನೆಂದರೆ ಮೇಲ್ಕಂಡ ವಿಷಯಕ್ಕೆ ಸಂಬಂಧಿಸಿದಂತೆ ಆಕ್ಷೇಪಣೆಗಳಿದ್ದಲ್ಲಿ ಈ ಪ್ರಕಟಣೆ ಪ್ರಕಟವಾದ ದಿನಾಂಕದಿಂದ ಹದಿನೈದು ದಿನಗಳೊಳಗಾಗಿ ಲಿಖಿತವಾಗಿ ಸಲ್ಲಿಸತಕ್ಕದ್ದು. ನಿಗದಿತ ಅವಧಿಯ ನಂತರ ಬಂದ ಆಕ್ಷೇಪಣೆಗಳನ್ನು ಪರಿಗಣಿಸಲಾಗುವುದಿಲ್ಲ.
ದೊಡ್ಡಬಳ್ಳಾಪುರ ಯೋಜನಾ ಪ್ರಾಧಿಕಾರ, ದೊಡ್ಡಬಳ್ಳಾಪುರ.
ಪಟ್ಟಣ ಪಂಚಾಯತ ಕಾರ್ಯಾಲಯ ಮುಳಗುಂದ-582117
TOWN PANCHAYATH COUNCIL MULGUND-582117
ಜಿಲ್ಲೆ: ಗದಗ ರಾಜ್ಯ: ಕರ್ನಾಟಕ Dist: Gadag State: Karnataka
ಸಂ: ಪಪಂಮು/ಟಿಎಂ/2024-25
ಅಲ್ಪಾವಧಿ ಮರು ಟೆಂಡರ್ ಪ್ರಕಟಣೆ
ಈ ಮೂಲಕ ಸಾರ್ವಜನಿಕರಿಗೆ ತಿಳಿಯಪಡಿಸುವುದೇನೆಂದರೆ ಮೇಲ್ಕಂಡ ವಿಷಯಕ್ಕೆ ಸಂಬಂಧಿಸಿದಂತೆ ಆಕ್ಷೇಪಣೆಗಳಿದ್ದಲ್ಲಿ ಈ ಪ್ರಕಟಣೆ ಪ್ರಕಟವಾದ ದಿನಾಂಕದಿಂದ ಹದಿನೈದು ದಿನಗಳೊಳಗಾಗಿ ಲಿಖಿತವಾಗಿ ಸಲ್ಲಿಸತಕ್ಕದ್ದು. ನಿಗದಿತ ಅವಧಿಯ ನಂತರ ಬಂದ ಆಕ್ಷೇಪಣೆಗಳನ್ನು ಪರಿಗಣಿಸಲಾಗುವುದಿಲ್ಲ.
ಈ ಮೂಲಕ ಸಾರ್ವಜನಿಕರಿಗೆ ತಿಳಿಯಪಡಿಸುವುದೇನೆಂದರೆ ಮೇಲ್ಕಂಡ ವಿಷಯಕ್ಕೆ ಸಂಬಂಧಿಸಿದಂತೆ ಆಕ್ಷೇಪಣೆಗಳಿದ್ದಲ್ಲಿ ಈ ಪ್ರಕಟಣೆ ಪ್ರಕಟವಾದ ದಿನಾಂಕದಿಂದ ಹದಿನೈದು ದಿನಗಳೊಳಗಾಗಿ ಲಿಖಿತವಾಗಿ ಸಲ್ಲಿಸತಕ್ಕದ್ದು. ನಿಗದಿತ ಅವಧಿಯ ನಂತರ ಬಂದ ಆಕ್ಷೇಪಣೆಗಳನ್ನು ಪರಿಗಣಿಸಲಾಗುವುದಿಲ್ಲ.
ಈ ಮೂಲಕ ಸಾರ್ವಜನಿಕರಿಗೆ ತಿಳಿಯಪಡಿಸುವುದೇನೆಂದರೆ ಮೇಲ್ಕಂಡ ವಿಷಯಕ್ಕೆ ಸಂಬಂಧಿಸಿದಂತೆ ಆಕ್ಷೇಪಣೆಗಳಿದ್ದಲ್ಲಿ ಈ ಪ್ರಕಟಣೆ ಪ್ರಕಟವಾದ ದಿನಾಂಕದಿಂದ ಹದಿನೈದು ದಿನಗಳೊಳಗಾಗಿ ಲಿಖಿತವಾಗಿ ಸಲ್ಲಿಸತಕ್ಕದ್ದು. ನಿಗದಿತ ಅವಧಿಯ ನಂತರ ಬಂದ ಆಕ್ಷೇಪಣೆಗಳನ್ನು ಪರಿಗಣಿಸಲಾಗುವುದಿಲ್ಲ.
ಈ ಮೂಲಕ ಸಾರ್ವಜನಿಕರಿಗೆ ತಿಳಿಯಪಡಿಸುವುದೇನೆಂದರೆ ಮೇಲ್ಕಂಡ ವಿಷಯಕ್ಕೆ ಸಂಬಂಧಿಸಿದಂತೆ ಆಕ್ಷೇಪಣೆಗಳಿದ್ದಲ್ಲಿ ಈ ಪ್ರಕಟಣೆ ಪ್ರಕಟವಾದ ದಿನಾಂಕದಿಂದ ಹದಿನೈದು ದಿನಗಳೊಳಗಾಗಿ ಲಿಖಿತವಾಗಿ ಸಲ್ಲಿಸತಕ್ಕದ್ದು. ನಿಗದಿತ ಅವಧಿಯ ನಂತರ ಬಂದ ಆಕ್ಷೇಪಣೆಗಳನ್ನು ಪರಿಗಣಿಸಲಾಗುವುದಿಲ್ಲ.
ಈ ಮೂಲಕ ಸಾರ್ವಜನಿಕರಿಗೆ ತಿಳಿಯಪಡಿಸುವುದೇನೆಂದರೆ ಮೇಲ್ಕಂಡ ವಿಷಯಕ್ಕೆ ಸಂಬಂಧಿಸಿದಂತೆ ಆಕ್ಷೇಪಣೆಗಳಿದ್ದಲ್ಲಿ ಈ ಪ್ರಕಟಣೆ ಪ್ರಕಟವಾದ ದಿನಾಂಕದಿಂದ ಹದಿನೈದು ದಿನಗಳೊಳಗಾಗಿ ಲಿಖಿತವಾಗಿ ಸಲ್ಲಿಸತಕ್ಕದ್ದು. ನಿಗದಿತ ಅವಧಿಯ ನಂತರ ಬಂದ ಆಕ್ಷೇಪಣೆಗಳನ್ನು ಪರಿಗಣಿಸಲಾಗುವುದಿಲ್ಲ.
http://www.mulagundatown.mrc.gov.in
ಸಹಿ/-(ಮುಖ್ಯಾಧಿಕಾರಿಗಳು) ಪಟ್ಟಣ ಪಂಚಾಯತ ಮುಳಗುಂದ
